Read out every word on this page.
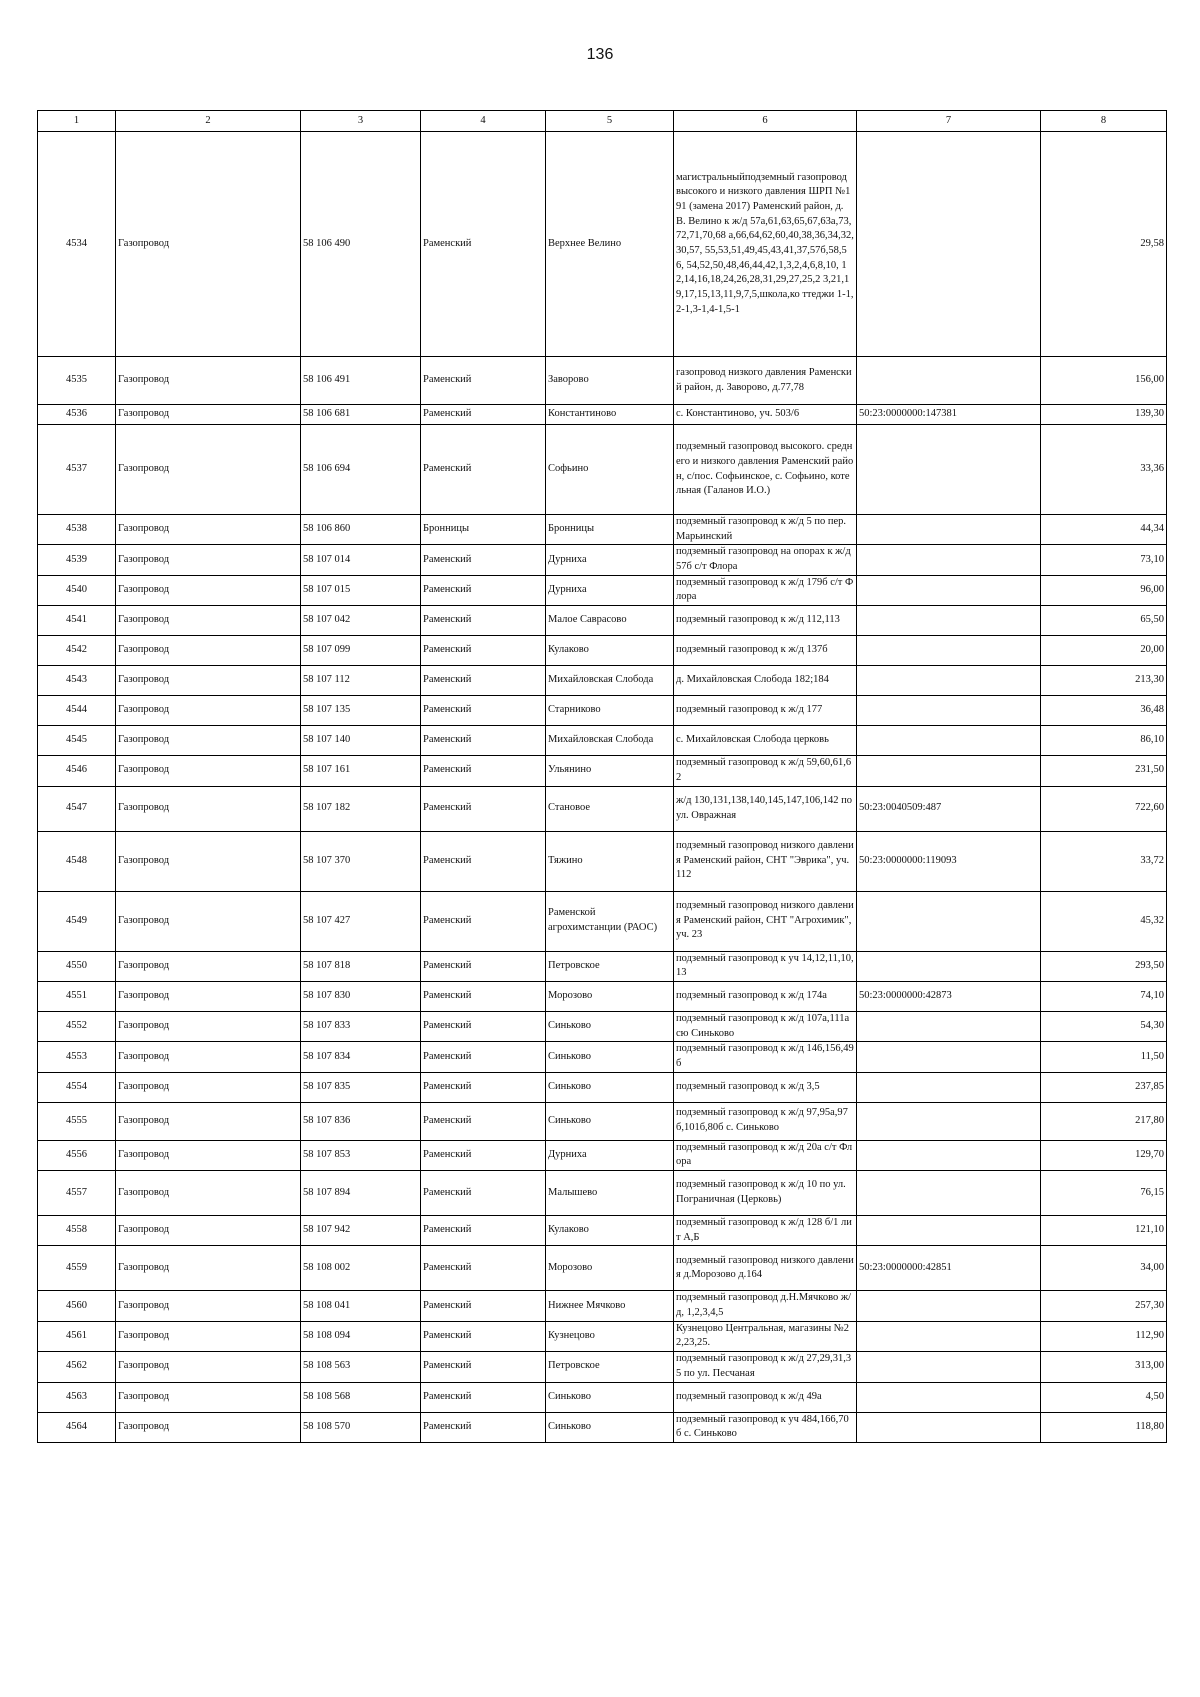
136
1	2	3	4	5	6	7	8
4534	Газопровод	58 106 490	Раменский	Верхнее Велино	магистральныйподземный газопровод высокого и низкого давления ШРП №191 (замена 2017) Раменский район, д. В. Велино к ж/д 57а,61,63,65,67,63а,73,72,71,70,68 а,66,64,62,60,40,38,36,34,32,30,57, 55,53,51,49,45,43,41,37,57б,58,56, 54,52,50,48,46,44,42,1,3,2,4,6,8,10, 12,14,16,18,24,26,28,31,29,27,25,2 3,21,19,17,15,13,11,9,7,5,школа,ко ттеджи 1-1,2-1,3-1,4-1,5-1		29,58
4535	Газопровод	58 106 491	Раменский	Заворово	газопровод низкого давления Раменский район, д. Заворово, д.77,78		156,00
4536	Газопровод	58 106 681	Раменский	Константиново	с. Константиново, уч. 503/6	50:23:0000000:147381	139,30
4537	Газопровод	58 106 694	Раменский	Софьино	подземный газопровод высокого. среднего и низкого давления Раменский район, с/пос. Софьинское, с. Софьино, котельная (Галанов И.О.)		33,36
4538	Газопровод	58 106 860	Бронницы	Бронницы	подземный газопровод к ж/д 5 по пер. Марьинский		44,34
4539	Газопровод	58 107 014	Раменский	Дурниха	подземный газопровод на опорах к ж/д 57б с/т Флора		73,10
4540	Газопровод	58 107 015	Раменский	Дурниха	подземный газопровод к ж/д 179б с/т Флора		96,00
4541	Газопровод	58 107 042	Раменский	Малое Саврасово	подземный газопровод к ж/д 112,113		65,50
4542	Газопровод	58 107 099	Раменский	Кулаково	подземный газопровод к ж/д 137б		20,00
4543	Газопровод	58 107 112	Раменский	Михайловская Слобода	д. Михайловская Слобода 182;184		213,30
4544	Газопровод	58 107 135	Раменский	Старниково	подземный газопровод к ж/д 177		36,48
4545	Газопровод	58 107 140	Раменский	Михайловская Слобода	с. Михайловская Слобода церковь		86,10
4546	Газопровод	58 107 161	Раменский	Ульянино	подземный газопровод к ж/д 59,60,61,62		231,50
4547	Газопровод	58 107 182	Раменский	Становое	ж/д 130,131,138,140,145,147,106,142 по ул. Овражная	50:23:0040509:487	722,60
4548	Газопровод	58 107 370	Раменский	Тяжино	подземный газопровод низкого давления Раменский район, СНТ "Эврика", уч. 112	50:23:0000000:119093	33,72
4549	Газопровод	58 107 427	Раменский	Раменской агрохимстанции (РАОС)	подземный газопровод низкого давления Раменский район, СНТ "Агрохимик", уч. 23		45,32
4550	Газопровод	58 107 818	Раменский	Петровское	подземный газопровод к уч 14,12,11,10,13		293,50
4551	Газопровод	58 107 830	Раменский	Морозово	подземный газопровод к ж/д 174а	50:23:0000000:42873	74,10
4552	Газопровод	58 107 833	Раменский	Синьково	подземный газопровод к ж/д 107а,111а сю Синьково		54,30
4553	Газопровод	58 107 834	Раменский	Синьково	подземный газопровод к ж/д 146,156,49б		11,50
4554	Газопровод	58 107 835	Раменский	Синьково	подземный газопровод к ж/д 3,5		237,85
4555	Газопровод	58 107 836	Раменский	Синьково	подземный газопровод к ж/д 97,95а,97б,101б,80б с. Синьково		217,80
4556	Газопровод	58 107 853	Раменский	Дурниха	подземный газопровод к ж/д 20а с/т Флора		129,70
4557	Газопровод	58 107 894	Раменский	Малышево	подземный газопровод к ж/д 10 по ул. Пограничная (Церковь)		76,15
4558	Газопровод	58 107 942	Раменский	Кулаково	подземный газопровод к ж/д 128 б/1 лит А,Б		121,10
4559	Газопровод	58 108 002	Раменский	Морозово	подземный газопровод низкого давления д.Морозово д.164	50:23:0000000:42851	34,00
4560	Газопровод	58 108 041	Раменский	Нижнее Мячково	подземный газопровод д.Н.Мячково ж/д, 1,2,3,4,5		257,30
4561	Газопровод	58 108 094	Раменский	Кузнецово	Кузнецово Центральная, магазины №22,23,25.		112,90
4562	Газопровод	58 108 563	Раменский	Петровское	подземный газопровод к ж/д 27,29,31,35 по ул. Песчаная		313,00
4563	Газопровод	58 108 568	Раменский	Синьково	подземный газопровод к ж/д 49а		4,50
4564	Газопровод	58 108 570	Раменский	Синьково	подземный газопровод к уч 484,166,70б с. Синьково		118,80
